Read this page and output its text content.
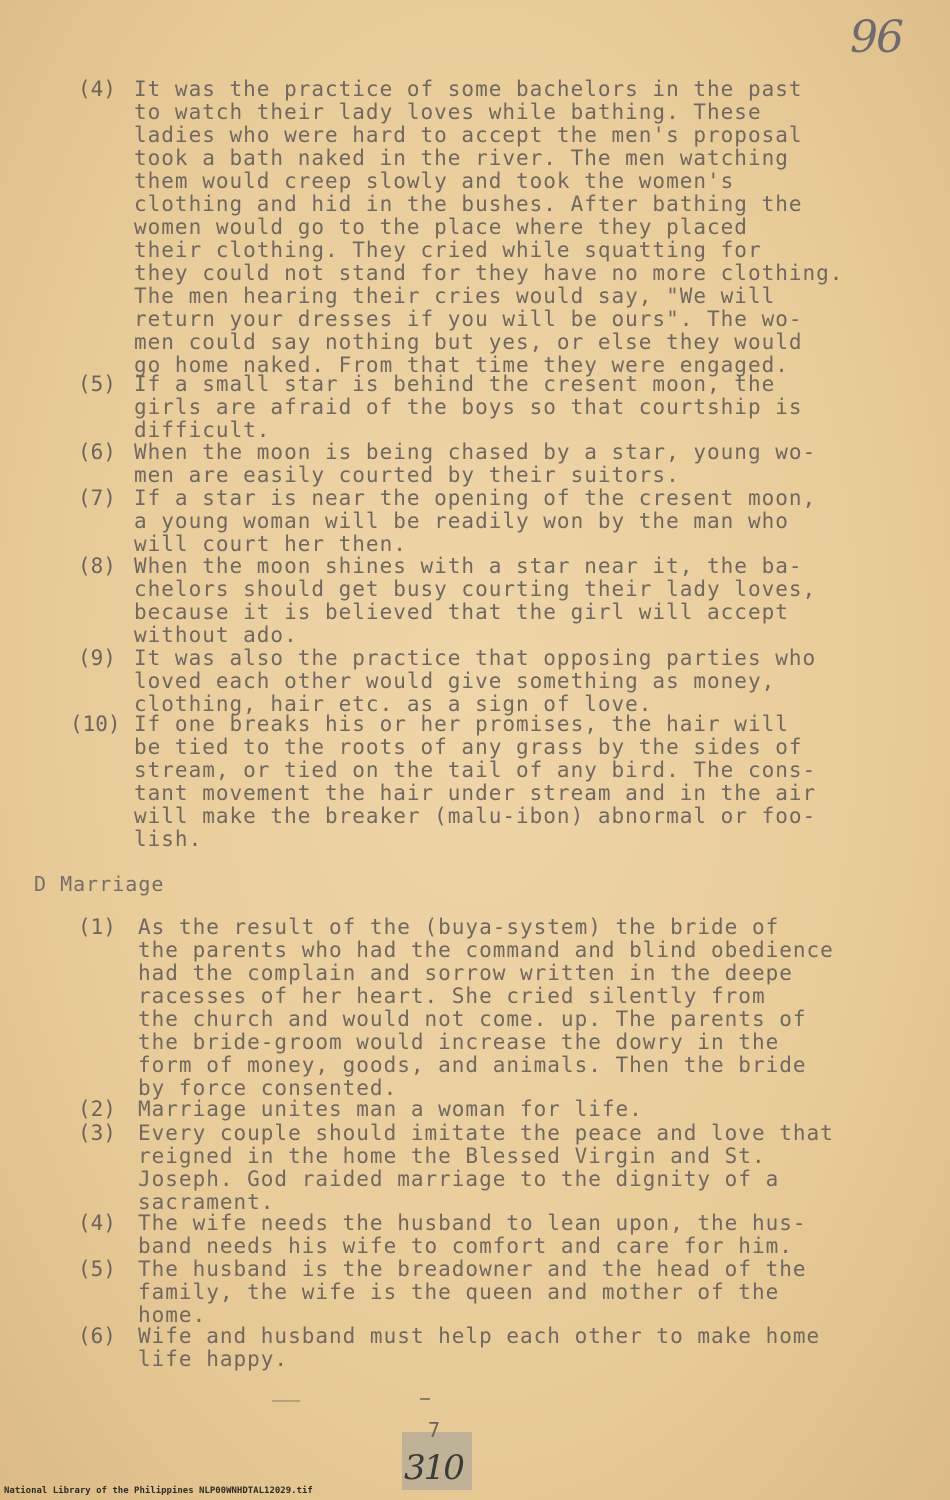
96
(4) It was the practice of some bachelors in the past
to watch their lady loves while bathing. These
ladies who were hard to accept the men's proposal
took a bath naked in the river. The men watching
them would creep slowly and took the women's
clothing and hid in the bushes. After bathing the
women would go to the place where they placed
their clothing. They cried while squatting for
they could not stand for they have no more clothing.
The men hearing their cries would say, "We will
return your dresses if you will be ours". The wo-
men could say nothing but yes, or else they would
go home naked. From that time they were engaged.
(5) If a small star is behind the cresent moon, the
girls are afraid of the boys so that courtship is
difficult.
(6) When the moon is being chased by a star, young wo-
men are easily courted by their suitors.
(7) If a star is near the opening of the cresent moon,
a young woman will be readily won by the man who
will court her then.
(8) When the moon shines with a star near it, the ba-
chelors should get busy courting their lady loves,
because it is believed that the girl will accept
without ado.
(9) It was also the practice that opposing parties who
loved each other would give something as money,
clothing, hair etc. as a sign of love.
(10) If one breaks his or her promises, the hair will
be tied to the roots of any grass by the sides of
stream, or tied on the tail of any bird. The cons-
tant movement the hair under stream and in the air
will make the breaker (malu-ibon) abnormal or foo-
lish.
D Marriage
(1) As the result of the (buya-system) the bride of
the parents who had the command and blind obedience
had the complain and sorrow written in the deepe
racesses of her heart. She cried silently from
the church and would not come. up. The parents of
the bride-groom would increase the dowry in the
form of money, goods, and animals. Then the bride
by force consented.
(2) Marriage unites man a woman for life.
(3) Every couple should imitate the peace and love that
reigned in the home the Blessed Virgin and St.
Joseph. God raided marriage to the dignity of a
sacrament.
(4) The wife needs the husband to lean upon, the hus-
band needs his wife to comfort and care for him.
(5) The husband is the breadowner and the head of the
family, the wife is the queen and mother of the
home.
(6) Wife and husband must help each other to make home
life happy.
7
310
National Library of the Philippines NLP00WNHDTAL12029.tif
